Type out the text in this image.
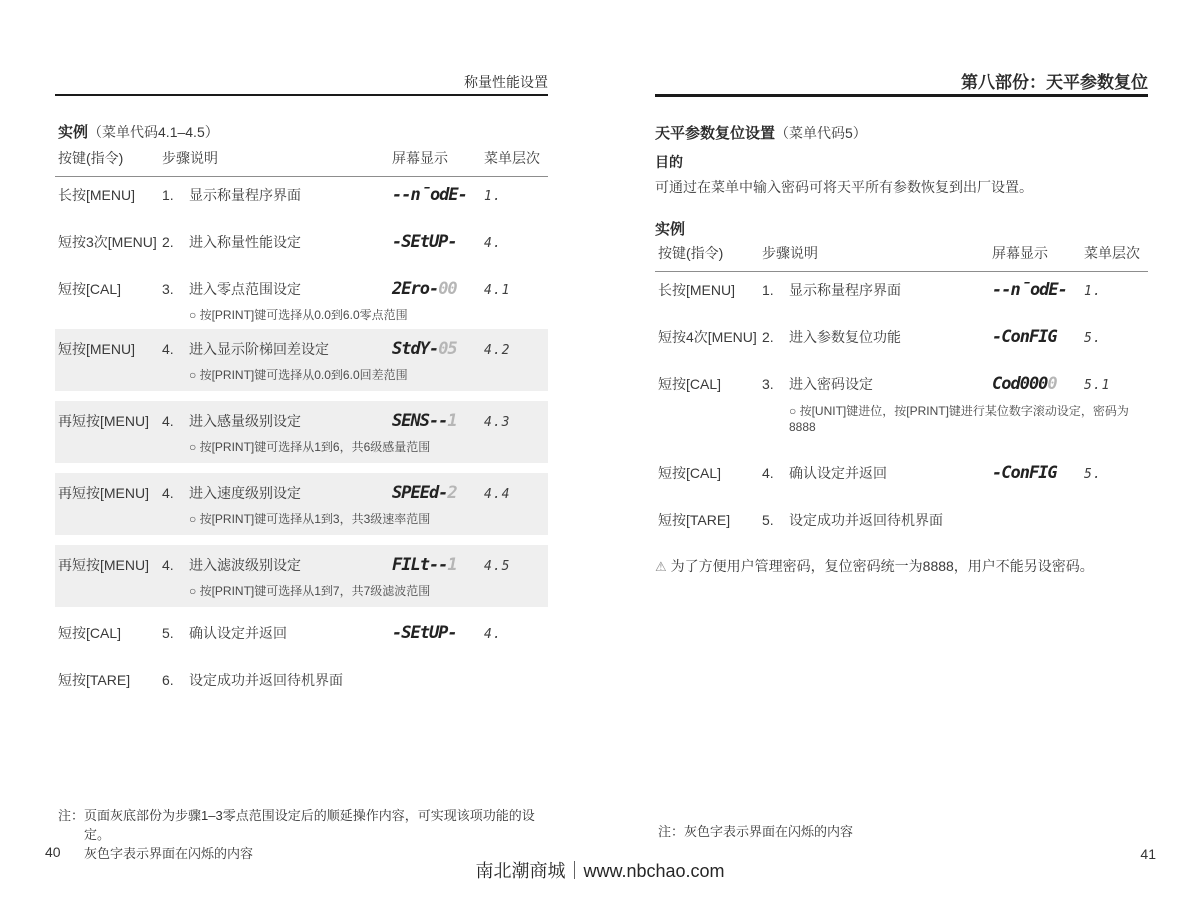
称量性能设置
实例（菜单代码4.1–4.5）
按键(指令)	步骤说明	屏幕显示	菜单层次
长按[MENU]	1.	显示称量程序界面	--n̄odE-	1.
短按3次[MENU] 2.	进入称量性能设定	-SEtUP-	4.
短按[CAL]	3.	进入零点范围设定	2Ero-00	4.1
○ 按[PRINT]键可选择从0.0到6.0零点范围
短按[MENU]	4.	进入显示阶梯回差设定	StdY-05	4.2
○ 按[PRINT]键可选择从0.0到6.0回差范围
再短按[MENU] 4.	进入感量级别设定	SENS--1	4.3
○ 按[PRINT]键可选择从1到6，共6级感量范围
再短按[MENU] 4.	进入速度级别设定	SPEEd-2	4.4
○ 按[PRINT]键可选择从1到3，共3级速率范围
再短按[MENU] 4.	进入滤波级别设定	FILt--1	4.5
○ 按[PRINT]键可选择从1到7，共7级滤波范围
短按[CAL]	5.	确认设定并返回	-SEtUP-	4.
短按[TARE]	6.	设定成功并返回待机界面
注： 页面灰底部份为步骤1–3零点范围设定后的顺延操作内容，可实现该项功能的设定。
灰色字表示界面在闪烁的内容
40
第八部份：天平参数复位
天平参数复位设置（菜单代码5）
目的
可通过在菜单中输入密码可将天平所有参数恢复到出厂设置。
实例
按键(指令)	步骤说明	屏幕显示	菜单层次
长按[MENU]	1.	显示称量程序界面	--n̄odE-	1.
短按4次[MENU] 2.	进入参数复位功能	-ConFIG	5.
短按[CAL]	3.	进入密码设定	Cod0000	5.1
○ 按[UNIT]键进位，按[PRINT]键进行某位数字滚动设定，密码为8888
短按[CAL]	4.	确认设定并返回	-ConFIG	5.
短按[TARE]	5.	设定成功并返回待机界面
⚠ 为了方便用户管理密码，复位密码统一为8888，用户不能另设密码。
注： 灰色字表示界面在闪烁的内容
41
南北潮商城｜www.nbchao.com
